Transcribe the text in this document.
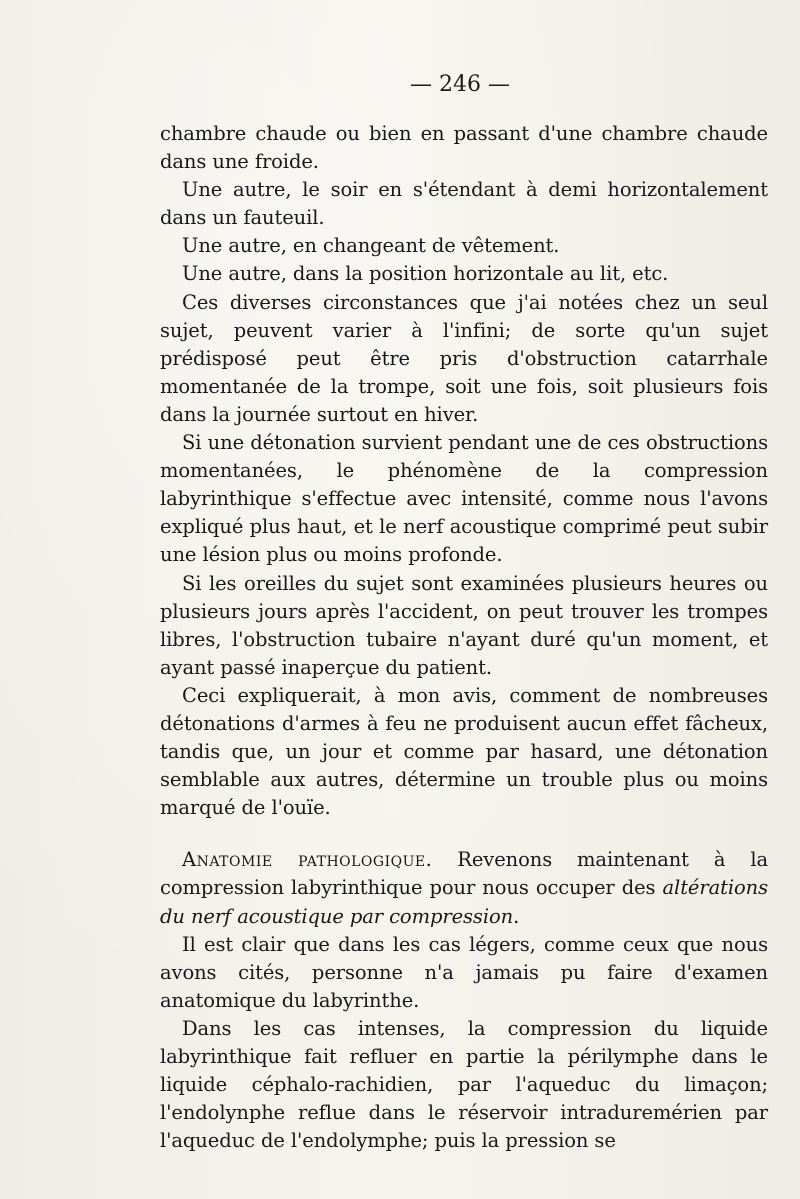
— 246 —

chambre chaude ou bien en passant d'une chambre chaude dans une froide.

Une autre, le soir en s'étendant à demi horizontalement dans un fauteuil.

Une autre, en changeant de vêtement.

Une autre, dans la position horizontale au lit, etc.

Ces diverses circonstances que j'ai notées chez un seul sujet, peuvent varier à l'infini; de sorte qu'un sujet prédisposé peut être pris d'obstruction catarrhale momentanée de la trompe, soit une fois, soit plusieurs fois dans la journée surtout en hiver.

Si une détonation survient pendant une de ces obstructions momentanées, le phénomène de la compression labyrinthique s'effectue avec intensité, comme nous l'avons expliqué plus haut, et le nerf acoustique comprimé peut subir une lésion plus ou moins profonde.

Si les oreilles du sujet sont examinées plusieurs heures ou plusieurs jours après l'accident, on peut trouver les trompes libres, l'obstruction tubaire n'ayant duré qu'un moment, et ayant passé inaperçue du patient.

Ceci expliquerait, à mon avis, comment de nombreuses détonations d'armes à feu ne produisent aucun effet fâcheux, tandis que, un jour et comme par hasard, une détonation semblable aux autres, détermine un trouble plus ou moins marqué de l'ouïe.

Anatomie pathologique. Revenons maintenant à la compression labyrinthique pour nous occuper des altérations du nerf acoustique par compression.

Il est clair que dans les cas légers, comme ceux que nous avons cités, personne n'a jamais pu faire d'examen anatomique du labyrinthe.

Dans les cas intenses, la compression du liquide labyrinthique fait refluer en partie la périlymphe dans le liquide céphalo-rachidien, par l'aqueduc du limaçon; l'endolynphe reflue dans le réservoir intraduremérien par l'aqueduc de l'endolymphe; puis la pression se
